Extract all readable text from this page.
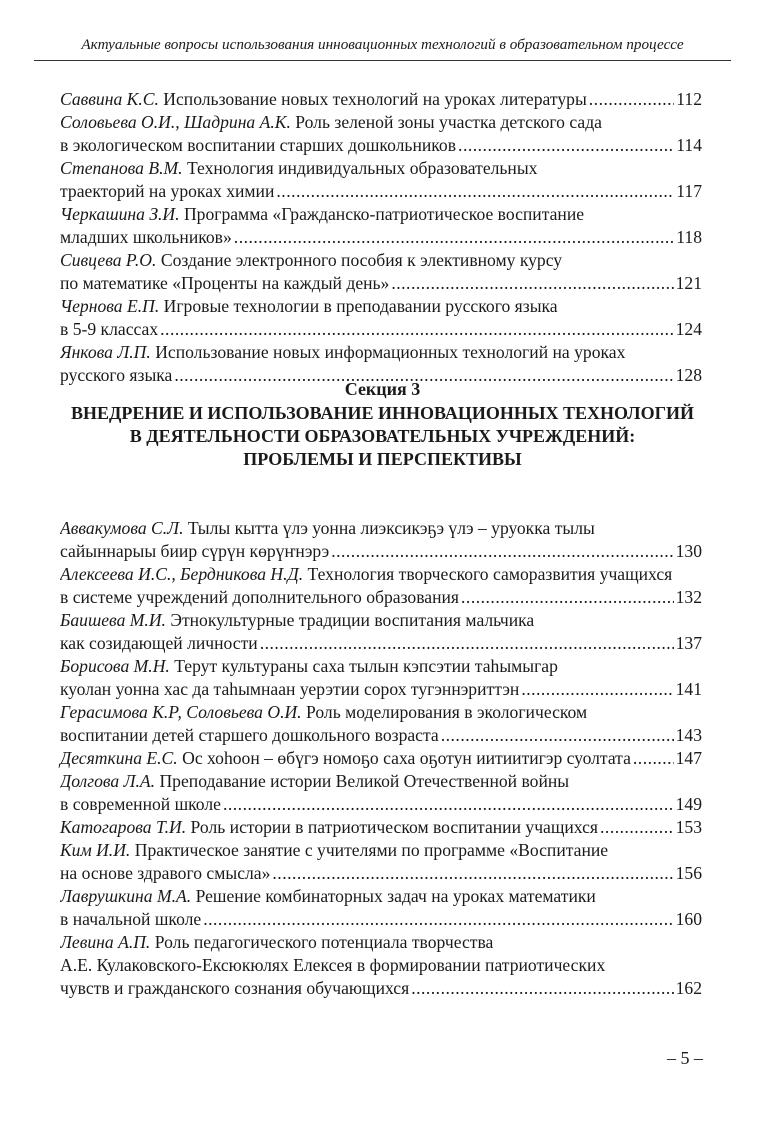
Актуальные вопросы использования инновационных технологий в образовательном процессе
Саввина К.С. Использование новых технологий на уроках литературы .....	112
Соловьева О.И., Шадрина А.К. Роль зеленой зоны участка детского сада
в экологическом воспитании старших дошкольников .....	114
Степанова В.М. Технология индивидуальных образовательных
траекторий на уроках химии .....	117
Черкашина З.И. Программа «Гражданско-патриотическое воспитание
младших школьников» .....	118
Сивцева Р.О. Создание электронного пособия к элективному курсу
по математике «Проценты на каждый день» .....	121
Чернова Е.П. Игровые технологии в преподавании русского языка
в 5-9 классах .....	124
Янкова Л.П. Использование новых информационных технологий на уроках
русского языка .....	128
Секция 3
ВНЕДРЕНИЕ И ИСПОЛЬЗОВАНИЕ ИННОВАЦИОННЫХ ТЕХНОЛОГИЙ
В ДЕЯТЕЛЬНОСТИ ОБРАЗОВАТЕЛЬНЫХ УЧРЕЖДЕНИЙ:
ПРОБЛЕМЫ И ПЕРСПЕКТИВЫ
Аввакумова С.Л. Тылы кытта үлэ уонна лиэксикэҕэ үлэ – уруокка тылы
сайыннарыы биир сүрүн көрүҥнэрэ .....	130
Алексеева И.С., Бердникова Н.Д. Технология творческого саморазвития учащихся
в системе учреждений дополнительного образования .....	132
Баишева М.И. Этнокультурные традиции воспитания мальчика
как созидающей личности .....	137
Борисова М.Н. Терут культураны саха тылын кэпсэтии таһымыгар
куолан уонна хас да таһымнаан уерэтии сорох тугэннэриттэн .....	141
Герасимова К.Р, Соловьева О.И. Роль моделирования в экологическом
воспитании детей старшего дошкольного возраста .....	143
Десяткина Е.С. Ос хоһоон – өбүгэ номоҕо саха оҕотун иитиитигэр суолтата .....	147
Долгова Л.А. Преподавание истории Великой Отечественной войны
в современной школе .....	149
Катогарова Т.И. Роль истории в патриотическом воспитании учащихся .....	153
Ким И.И. Практическое занятие с учителями по программе «Воспитание
на основе здравого смысла» .....	156
Лаврушкина М.А. Решение комбинаторных задач на уроках математики
в начальной школе .....	160
Левина А.П. Роль педагогического потенциала творчества
А.Е. Кулаковского-Ексюкюлях Елексея в формировании патриотических
чувств и гражданского сознания обучающихся .....	162
– 5 –
